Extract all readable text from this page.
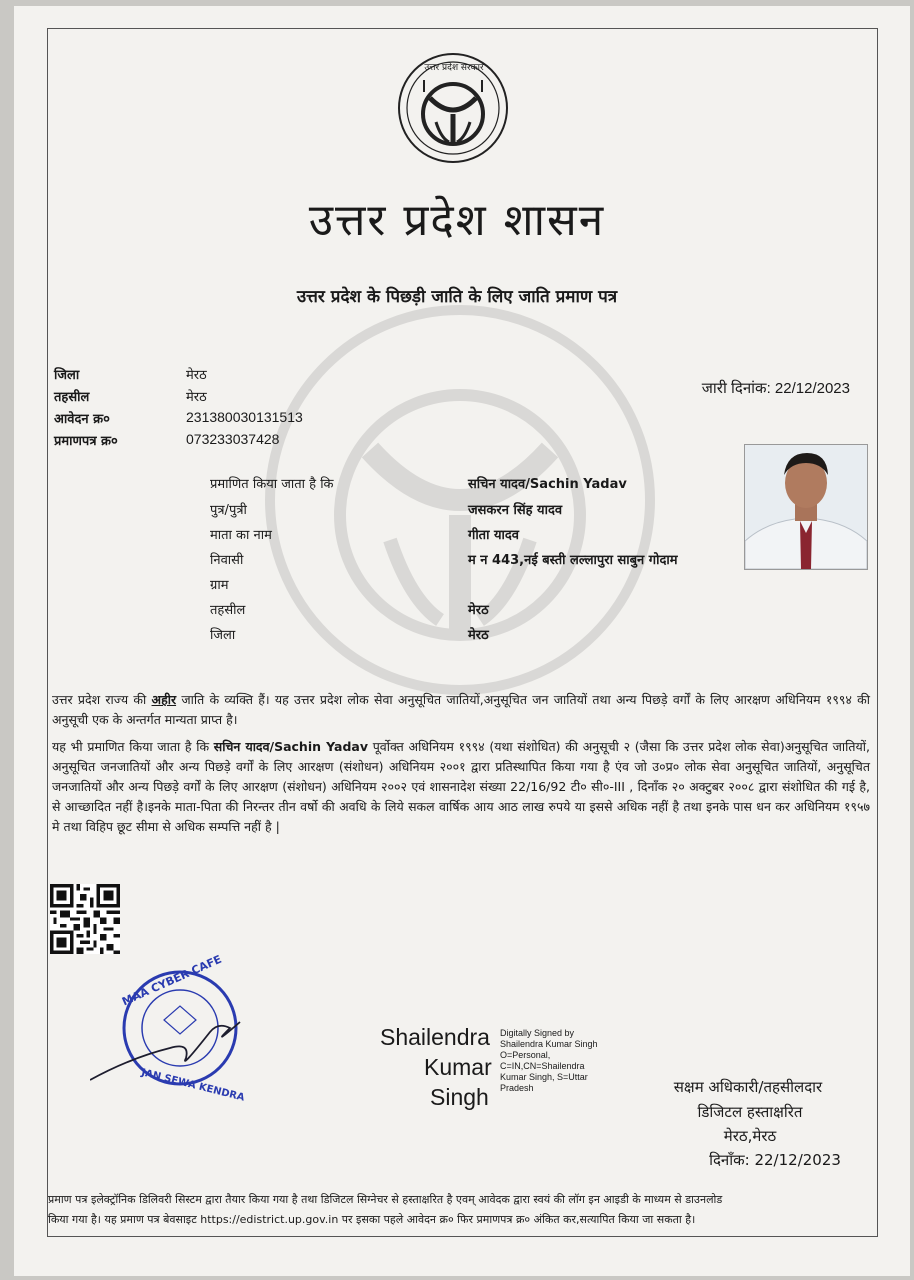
उत्तर प्रदेश सरकार
उत्तर प्रदेश शासन
उत्तर प्रदेश के पिछड़ी जाति के लिए जाति प्रमाण पत्र
जिला	मेरठ
तहसील	मेरठ
आवेदन क्र०	231380030131513
प्रमाणपत्र क्र०	073233037428
जारी दिनांक: 22/12/2023
प्रमाणित किया जाता है कि	सचिन यादव/Sachin Yadav
पुत्र/पुत्री	जसकरन सिंह यादव
माता का नाम	गीता यादव
निवासी	म न 443,नई बस्ती लल्लापुरा साबुन गोदाम
ग्राम
तहसील	मेरठ
जिला	मेरठ
उत्तर प्रदेश राज्य की अहीर जाति के व्यक्ति हैं। यह उत्तर प्रदेश लोक सेवा अनुसूचित जातियों,अनुसूचित जन जातियों तथा अन्य पिछड़े वर्गों के लिए आरक्षण अधिनियम १९९४ की अनुसूची एक के अन्तर्गत मान्यता प्राप्त है।
यह भी प्रमाणित किया जाता है कि सचिन यादव/Sachin Yadav पूर्वोक्त अधिनियम १९९४ (यथा संशोधित) की अनुसूची २ (जैसा कि उत्तर प्रदेश लोक सेवा)अनुसूचित जातियों, अनुसूचित जनजातियों और अन्य पिछड़े वर्गों के लिए आरक्षण (संशोधन) अधिनियम २००१ द्वारा प्रतिस्थापित किया गया है एंव जो उ०प्र० लोक सेवा अनुसूचित जातियों, अनुसूचित जनजातियों और अन्य पिछड़े वर्गों के लिए आरक्षण (संशोधन) अधिनियम २००२ एवं शासनादेश संख्या 22/16/92 टी० सी०-III , दिनाँक २० अक्टुबर २००८ द्वारा संशोधित की गई है, से आच्छादित नहीं है।इनके माता-पिता की निरन्तर तीन वर्षो की अवधि के लिये सकल वार्षिक आय आठ लाख रुपये या इससे अधिक नहीं है तथा इनके पास धन कर अधिनियम १९५७ मे तथा विहिप छूट सीमा से अधिक सम्पत्ति नहीं है |
MAA CYBER CAFE
JAN SEWA KENDRA
Shailendra
Kumar
Singh
Digitally Signed by
Shailendra Kumar Singh
O=Personal,
C=IN,CN=Shailendra
Kumar Singh, S=Uttar
Pradesh	सक्षम अधिकारी/तहसीलदार
डिजिटल हस्ताक्षरित
मेरठ,मेरठ
दिनाँक: 22/12/2023
प्रमाण पत्र इलेक्ट्रॉनिक डिलिवरी सिस्टम द्वारा तैयार किया गया है तथा डिजिटल सिग्नेचर से हस्ताक्षरित है एवम् आवेदक द्वारा स्वयं की लॉग इन आइडी के माध्यम से डाउनलोड
किया गया है। यह प्रमाण पत्र बेवसाइट https://edistrict.up.gov.in पर इसका पहले आवेदन क्र० फिर प्रमाणपत्र क्र० अंकित कर,सत्यापित किया जा सकता है।
